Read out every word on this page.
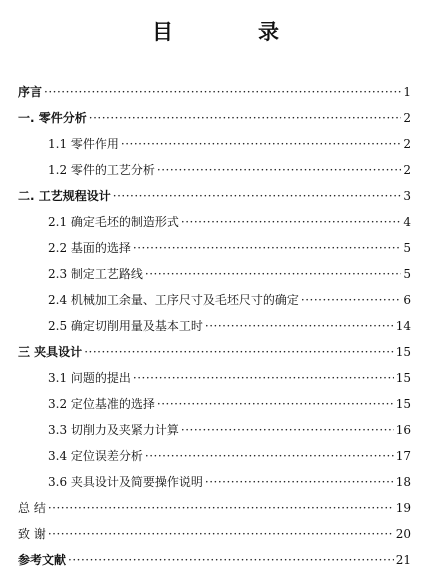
目　录
序言 ·····	1
一. 零件分析 ·····	2
1.1 零件作用 ·····	2
1.2 零件的工艺分析 ·····	2
二. 工艺规程设计 ·····	3
2.1 确定毛坯的制造形式 ·····	4
2.2 基面的选择 ·····	5
2.3 制定工艺路线 ·····	5
2.4 机械加工余量、工序尺寸及毛坯尺寸的确定 ·····	6
2.5 确定切削用量及基本工时 ·····	14
三 夹具设计 ·····	15
3.1 问题的提出 ·····	15
3.2 定位基准的选择 ·····	15
3.3 切削力及夹紧力计算 ·····	16
3.4 定位误差分析 ·····	17
3.6 夹具设计及简要操作说明 ·····	18
总 结 ·····	19
致 谢 ·····	20
参考文献 ·····	21
